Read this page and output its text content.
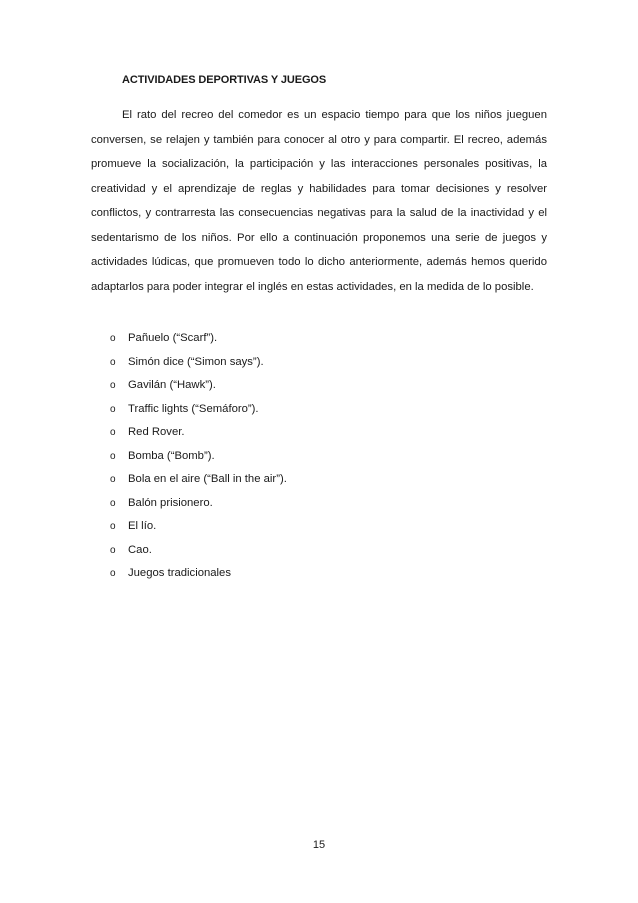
ACTIVIDADES DEPORTIVAS Y JUEGOS

El rato del recreo del comedor es un espacio tiempo para que los niños jueguen conversen, se relajen y también para conocer al otro y para compartir. El recreo, además promueve la socialización, la participación y las interacciones personales positivas, la creatividad y el aprendizaje de reglas y habilidades para tomar decisiones y resolver conflictos, y contrarresta las consecuencias negativas para la salud de la inactividad y el sedentarismo de los niños. Por ello a continuación proponemos una serie de juegos y actividades lúdicas, que promueven todo lo dicho anteriormente, además hemos querido adaptarlos para poder integrar el inglés en estas actividades, en la medida de lo posible.

o	Pañuelo (“Scarf”).
o	Simón dice (“Simon says”).
o	Gavilán (“Hawk”).
o	Traffic lights (“Semáforo”).
o	Red Rover.
o	Bomba (“Bomb”).
o	Bola en el aire (“Ball in the air”).
o	Balón prisionero.
o	El lío.
o	Cao.
o	Juegos tradicionales
15
